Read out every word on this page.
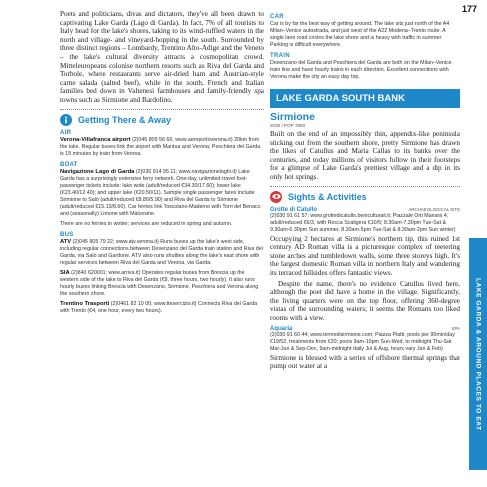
177

Poets and politicians, divas and dictators, they've all been drawn to captivating Lake Garda (Lago di Garda). In fact, 7% of all tourists to Italy head for the lake's shores, taking to its wind-ruffled waters in the north and village- and vineyard-hopping in the south. Surrounded by three distinct regions – Lombardy, Trentino Alto-Adige and the Veneto – the lake's cultural diversity attracts a cosmopolitan crowd. Mitteleuropeans colonise northern resorts such as Riva del Garda and Torbole, where restaurants serve air-dried ham and Austrian-style carne salada (salted beef), while in the south, French and Italian families bed down in Valtenesi farmhouses and family-friendly spa towns such as Sirmione and Bardolino.

Getting There & Away
AIR

Verona-Villafranca airport (2)045 809 56 66; www.aeroportoverona.it) 20km from the lake. Regular buses link the airport with Mantua and Verona; Peschiera del Garda is 15 minutes by train from Verona.

BOAT

Navigazione Lago di Garda (2)030 914 95 11; www.navigazionelaghi.it) Lake Garda has a surprisingly extensive ferry network. One-day, unlimited-travel foot-passenger tickets include: lake wide (adult/reduced €34.30/17.60); lower lake (€23.40/12.40); and upper lake (€20.50/11). Sample single passenger fares include Sirmione to Salò (adult/reduced €8.80/5.90) and Riva del Garda to Sirmione (adult/reduced €15.10/8.60). Car ferries link Toscolano-Maderno with Torri del Benaco and (seasonally) Limone with Malcesine.

There are no ferries in winter; services are reduced in spring and autumn.

BUS

ATV (2)045 805 79 22; www.atv.verona.it) Runs buses up the lake's west side, including regular connections between Desenzano del Garda train station and Riva del Garda, via Salò and Gardone. ATV also runs shuttles along the lake's east shore with regular services between Riva del Garda and Verona, via Garda.

SIA (2)840 620001; www.arriva.it) Operates regular buses from Brescia up the western side of the lake to Riva del Garda (€9, three hours, two hourly). It also runs hourly buses linking Brescia with Desenzano, Sirmione, Peschiera and Verona along the southern shore.

Trentino Trasporti (2)0461 82 10 00; www.ttesercizio.it) Connects Riva del Garda with Trento (€4, one hour, every two hours).

CAR

Car is by far the best way of getting around. The lake sits just north of the A4 Milan–Venice autostrada, and just west of the A22 Modena–Trento route. A single lane road circles the lake shore and is heavy with traffic in summer. Parking is difficult everywhere.

TRAIN

Desenzano del Garda and Peschiera del Garda are both on the Milan–Venice train line and have hourly trains in each direction. Excellent connections with Verona make the city an easy day trip.

LAKE GARDA SOUTH BANK
Sirmione
2030 / POP 7850

Built on the end of an impossibly thin, appendix-like peninsula sticking out from the southern shore, pretty Sirmione has drawn the likes of Catullus and Maria Callas to its banks over the centuries, and today millions of visitors follow in their footsteps for a glimpse of Lake Garda's prettiest village and a dip in its only hot springs.

Sights & Activities
Grotte di Catullo	ARCHAEOLOGICAL SITE

(2)030 91 61 57; www.grottedicatullo.beniculturali.it; Piazzale Orti Manara 4; adult/reduced €6/3, with Rocca Scaligera €10/5; 8.30am-7.30pm Tue-Sat & 9.30am-6.30pm Sun summer, 8.30am-5pm Tue-Sat & 8.30am-2pm Sun winter)

Occupying 2 hectares at Sirmione's northern tip, this ruined 1st century AD Roman villa is a picturesque complex of teetering stone arches and tumbledown walls, some three storeys high. It's the largest domestic Roman villa in northern Italy and wandering its terraced hillsides offers fantastic views.

Despite the name, there's no evidence Catullus lived here, although the poet did have a home in the village. Significantly, the living quarters were on the top floor, offering 360-degree vistas of the surrounding waters; it seems the Romans too liked rooms with a view.

Aquaria	SPA

(2)030 91 60 44; www.termedisirmione.com; Piazza Piatti; pools per 90min/day €19/52, treatments from €20; pools 9am-10pm Sun-Wed, to midnight Thu-Sat Mar-Jun & Sep-Dec, 9am-midnight daily Jul & Aug, hours vary Jan & Feb)

Sirmione is blessed with a series of offshore thermal springs that pump out water at a	LAKE GARDA & AROUND PLACES TO EAT
